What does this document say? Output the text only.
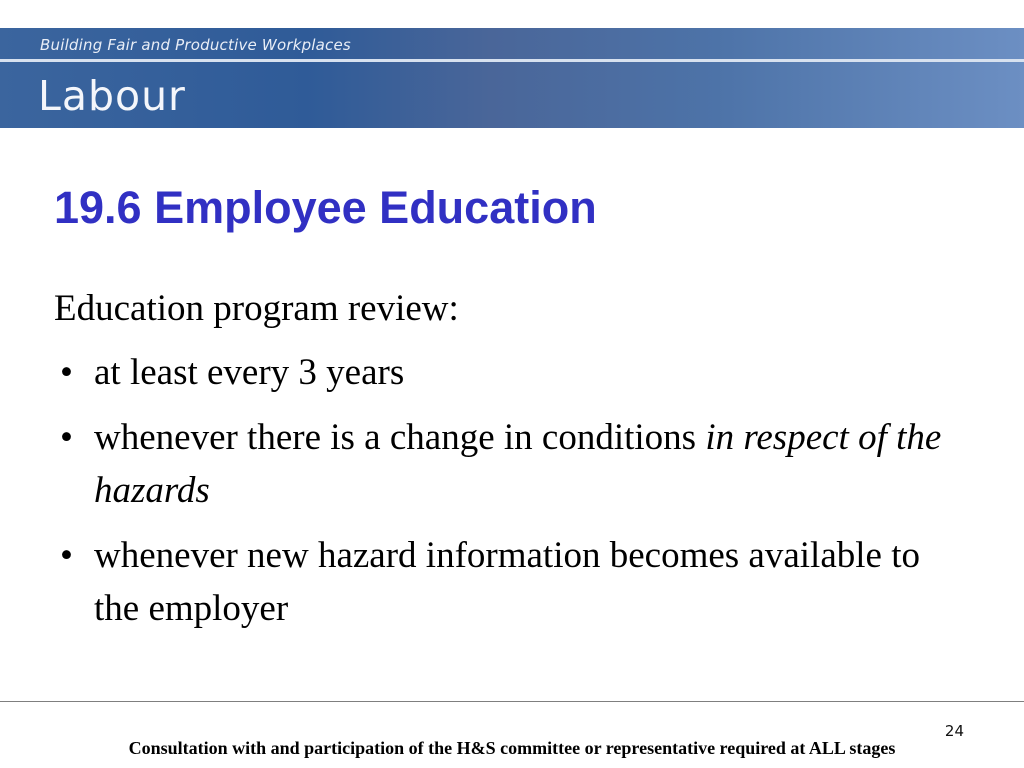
Building Fair and Productive Workplaces
Labour
19.6 Employee Education

Education program review:

• at least every 3 years
• whenever there is a change in conditions in respect of the hazards
• whenever new hazard information becomes available to the employer
24
Consultation with and participation of the H&S committee or representative required at ALL stages
